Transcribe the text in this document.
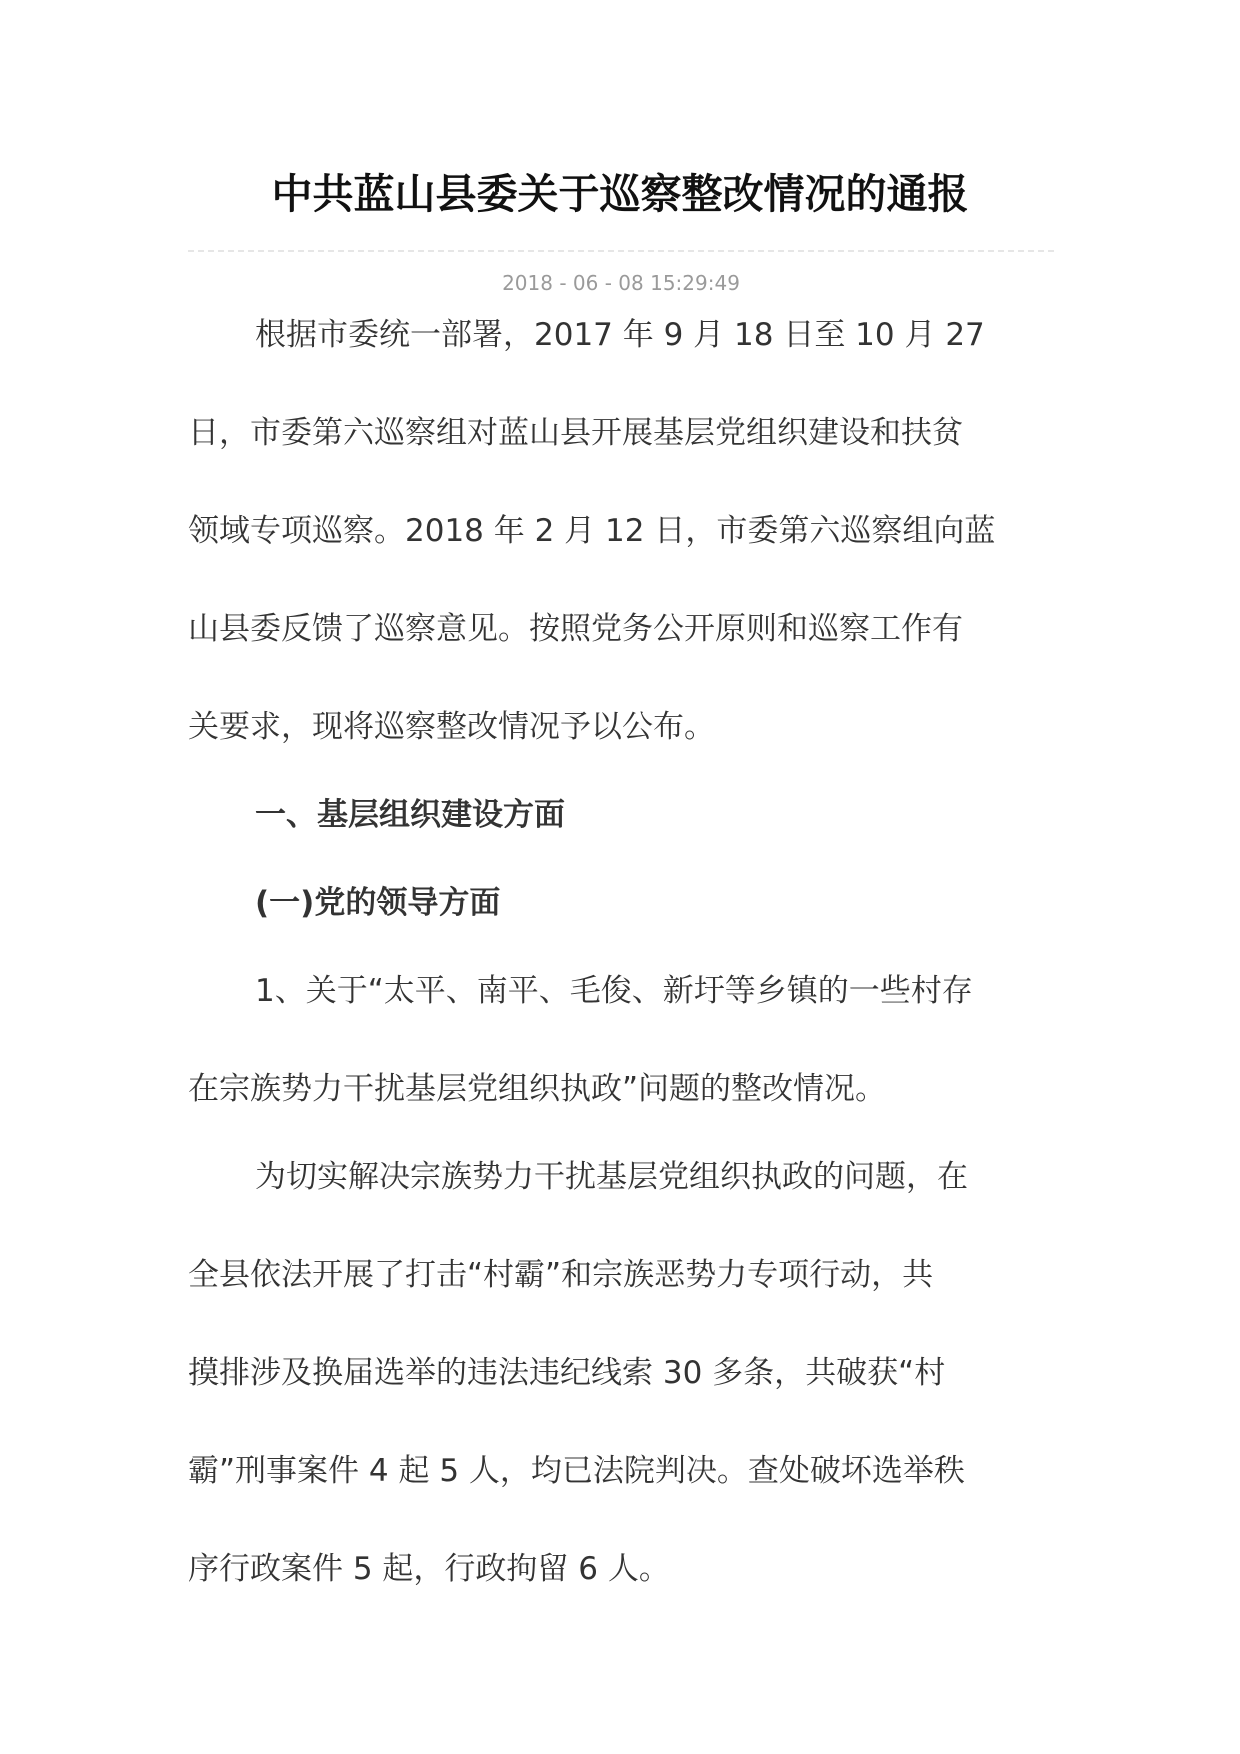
中共蓝山县委关于巡察整改情况的通报
2018 - 06 - 08 15:29:49

根据市委统一部署，2017 年 9 月 18 日至 10 月 27
日，市委第六巡察组对蓝山县开展基层党组织建设和扶贫
领域专项巡察。2018 年 2 月 12 日，市委第六巡察组向蓝
山县委反馈了巡察意见。按照党务公开原则和巡察工作有
关要求，现将巡察整改情况予以公布。

一、基层组织建设方面
(一)党的领导方面

1、关于“太平、南平、毛俊、新圩等乡镇的一些村存
在宗族势力干扰基层党组织执政”问题的整改情况。

为切实解决宗族势力干扰基层党组织执政的问题，在
全县依法开展了打击“村霸”和宗族恶势力专项行动，共
摸排涉及换届选举的违法违纪线索 30 多条，共破获“村
霸”刑事案件 4 起 5 人，均已法院判决。查处破坏选举秩
序行政案件 5 起，行政拘留 6 人。
